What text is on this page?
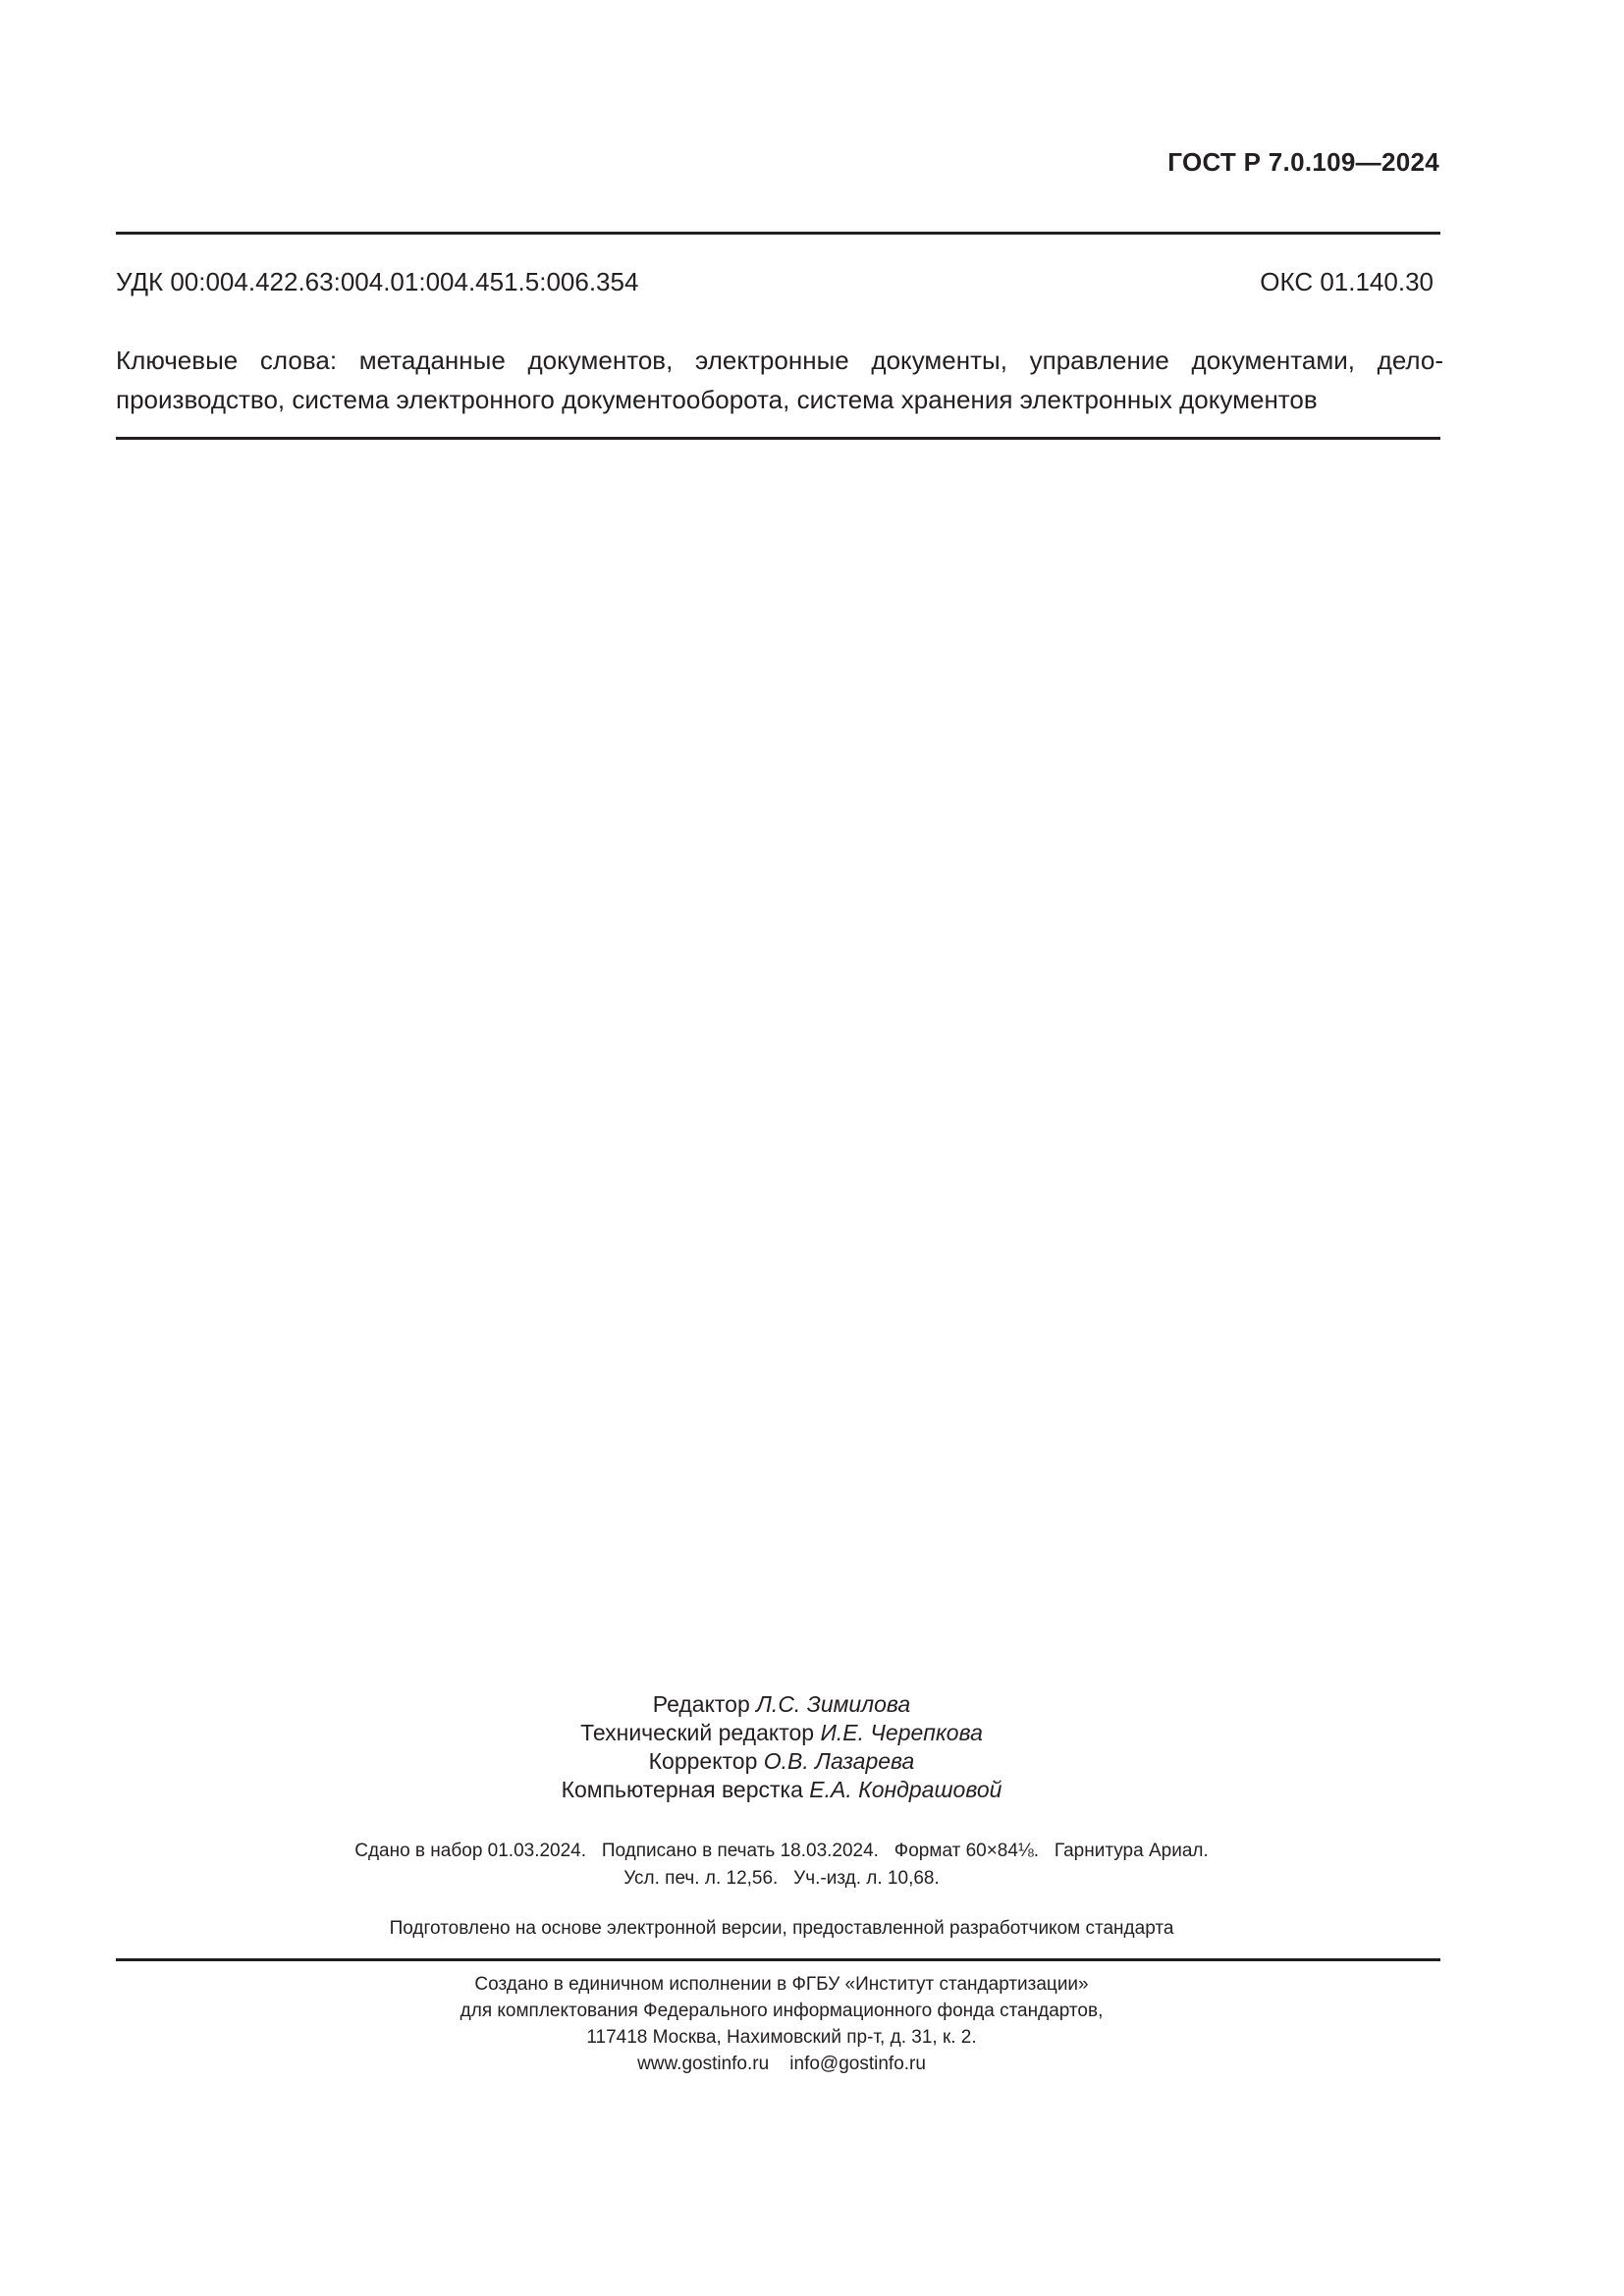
ГОСТ Р 7.0.109—2024
УДК 00:004.422.63:004.01:004.451.5:006.354	ОКС 01.140.30
Ключевые слова: метаданные документов, электронные документы, управление документами, дело-
производство, система электронного документооборота, система хранения электронных документов
Редактор Л.С. Зимилова
Технический редактор И.Е. Черепкова
Корректор О.В. Лазарева
Компьютерная верстка Е.А. Кондрашовой
Сдано в набор 01.03.2024.   Подписано в печать 18.03.2024.   Формат 60×84⅛.   Гарнитура Ариал.
Усл. печ. л. 12,56.   Уч.-изд. л. 10,68.
Подготовлено на основе электронной версии, предоставленной разработчиком стандарта
Создано в единичном исполнении в ФГБУ «Институт стандартизации»
для комплектования Федерального информационного фонда стандартов,
117418 Москва, Нахимовский пр-т, д. 31, к. 2.
www.gostinfo.ru    info@gostinfo.ru
